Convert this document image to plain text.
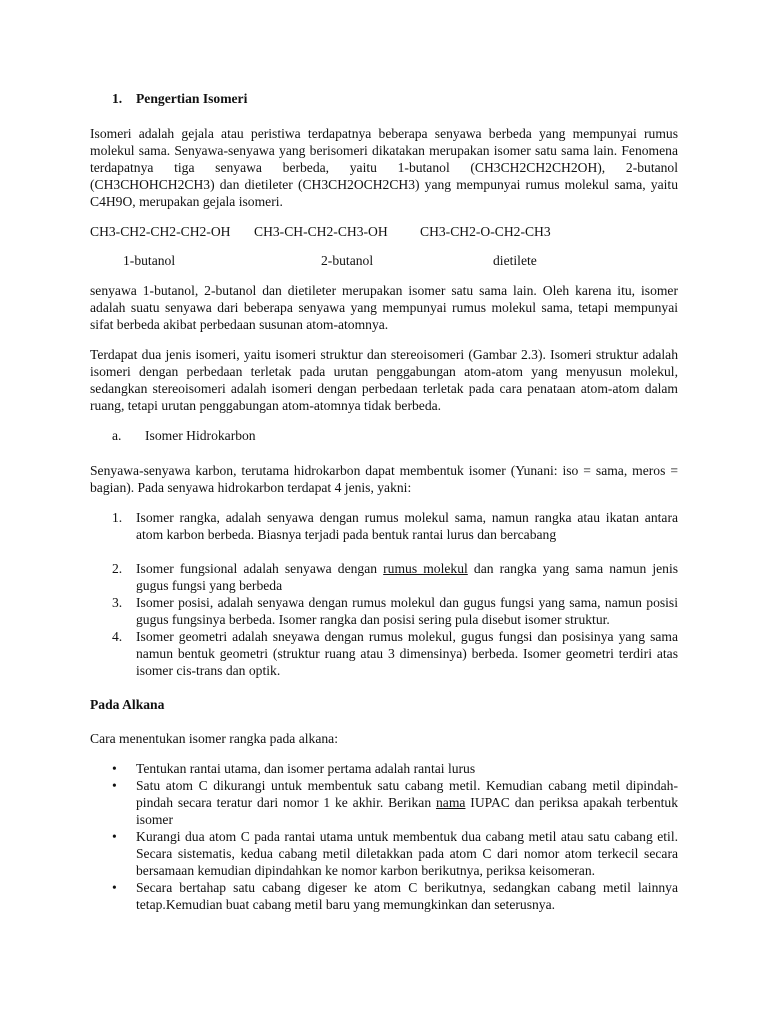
1.	Pengertian Isomeri

Isomeri adalah gejala atau peristiwa terdapatnya beberapa senyawa berbeda yang mempunyai rumus molekul sama. Senyawa-senyawa yang berisomeri dikatakan merupakan isomer satu sama lain. Fenomena terdapatnya tiga senyawa berbeda, yaitu 1-butanol (CH3CH2CH2CH2OH), 2-butanol (CH3CHOHCH2CH3) dan dietileter (CH3CH2OCH2CH3) yang mempunyai rumus molekul sama, yaitu C4H9O, merupakan gejala isomeri.

CH3-CH2-CH2-CH2-OH	CH3-CH-CH2-CH3-OH	CH3-CH2-O-CH2-CH3
1-butanol	2-butanol	dietilete

senyawa 1-butanol, 2-butanol dan dietileter merupakan isomer satu sama lain. Oleh karena itu, isomer adalah suatu senyawa dari beberapa senyawa yang mempunyai rumus molekul sama, tetapi mempunyai sifat berbeda akibat perbedaan susunan atom-atomnya.

Terdapat dua jenis isomeri, yaitu isomeri struktur dan stereoisomeri (Gambar 2.3). Isomeri struktur adalah isomeri dengan perbedaan terletak pada urutan penggabungan atom-atom yang menyusun molekul, sedangkan stereoisomeri adalah isomeri dengan perbedaan terletak pada cara penataan atom-atom dalam ruang, tetapi urutan penggabungan atom-atomnya tidak berbeda.

a.	Isomer Hidrokarbon

Senyawa-senyawa karbon, terutama hidrokarbon dapat membentuk isomer (Yunani: iso = sama, meros = bagian). Pada senyawa hidrokarbon terdapat 4 jenis, yakni:

1.	Isomer rangka, adalah senyawa dengan rumus molekul sama, namun rangka atau ikatan antara atom karbon berbeda. Biasnya terjadi pada bentuk rantai lurus dan bercabang
2.	Isomer fungsional adalah senyawa dengan rumus molekul dan rangka yang sama namun jenis gugus fungsi yang berbeda
3.	Isomer posisi, adalah senyawa dengan rumus molekul dan gugus fungsi yang sama, namun posisi gugus fungsinya berbeda. Isomer rangka dan posisi sering pula disebut isomer struktur.
4.	Isomer geometri adalah sneyawa dengan rumus molekul, gugus fungsi dan posisinya yang sama namun bentuk geometri (struktur ruang atau 3 dimensinya) berbeda. Isomer geometri terdiri atas isomer cis-trans dan optik.
Pada Alkana

Cara menentukan isomer rangka pada alkana:

•	Tentukan rantai utama, dan isomer pertama adalah rantai lurus
•	Satu atom C dikurangi untuk membentuk satu cabang metil. Kemudian cabang metil dipindah-pindah secara teratur dari nomor 1 ke akhir. Berikan nama IUPAC dan periksa apakah terbentuk isomer
•	Kurangi dua atom C pada rantai utama untuk membentuk dua cabang metil atau satu cabang etil. Secara sistematis, kedua cabang metil diletakkan pada atom C dari nomor atom terkecil secara bersamaan kemudian dipindahkan ke nomor karbon berikutnya, periksa keisomeran.
•	Secara bertahap satu cabang digeser ke atom C berikutnya, sedangkan cabang metil lainnya tetap.Kemudian buat cabang metil baru yang memungkinkan dan seterusnya.
